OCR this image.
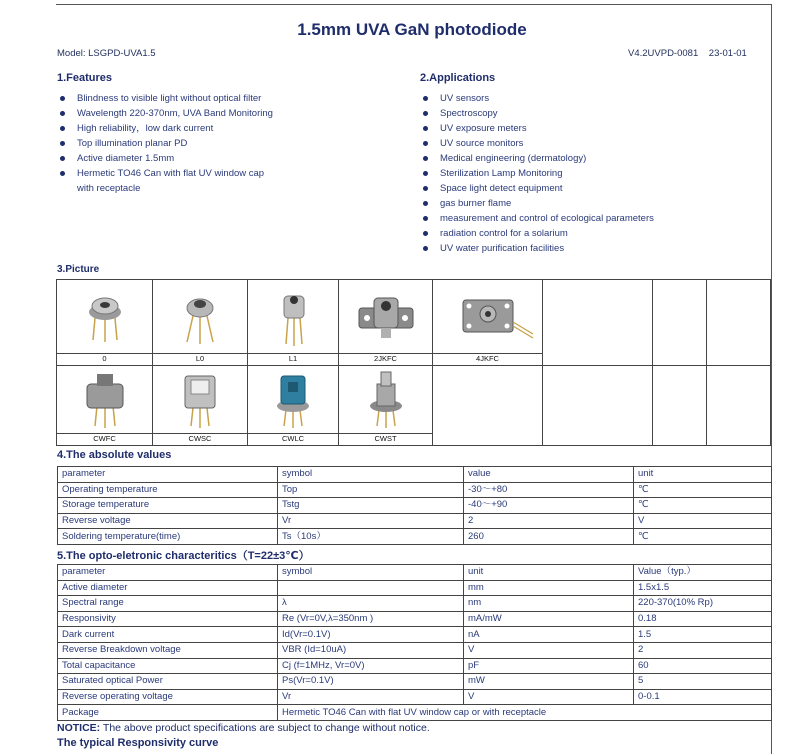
1.5mm UVA GaN photodiode
Model: LSGPD-UVA1.5	V4.2UVPD-0081 23-01-01
1.Features
Blindness to visible light without optical filter
Wavelength 220-370nm, UVA Band Monitoring
High reliability，low dark current
Top illumination planar PD
Active diameter 1.5mm
Hermetic TO46 Can with flat UV window cap
with receptacle
2.Applications
UV sensors
Spectroscopy
UV exposure meters
UV source monitors
Medical engineering (dermatology)
Sterilization Lamp Monitoring
Space light detect equipment
gas burner flame
measurement and control of ecological parameters
radiation control for a solarium
UV water purification facilities
3.Picture
0	L0	L1	2JKFC	4JKFC
CWFC	CWSC	CWLC	CWST
4.The absolute values
parameter	symbol	value	unit
Operating temperature	Top	-30～+80	℃
Storage temperature	Tstg	-40～+90	℃
Reverse voltage	Vr	2	V
Soldering temperature(time)	Ts（10s）	260	℃
5.The opto-eletronic characteritics（T=22±3℃）
parameter	symbol	unit	Value（typ.）
Active diameter		mm	1.5x1.5
Spectral range	λ	nm	220-370(10% Rp)
Responsivity	Re (Vr=0V,λ=350nm )	mA/mW	0.18
Dark current	Id(Vr=0.1V)	nA	1.5
Reverse Breakdown voltage	VBR (Id=10uA)	V	2
Total capacitance	Cj (f=1MHz, Vr=0V)	pF	60
Saturated optical Power	Ps(Vr=0.1V)	mW	5
Reverse operating voltage	Vr	V	0-0.1
Package	Hermetic TO46 Can with flat UV window cap or with receptacle		
NOTICE: The above product specifications are subject to change without notice.
The typical Responsivity curve
